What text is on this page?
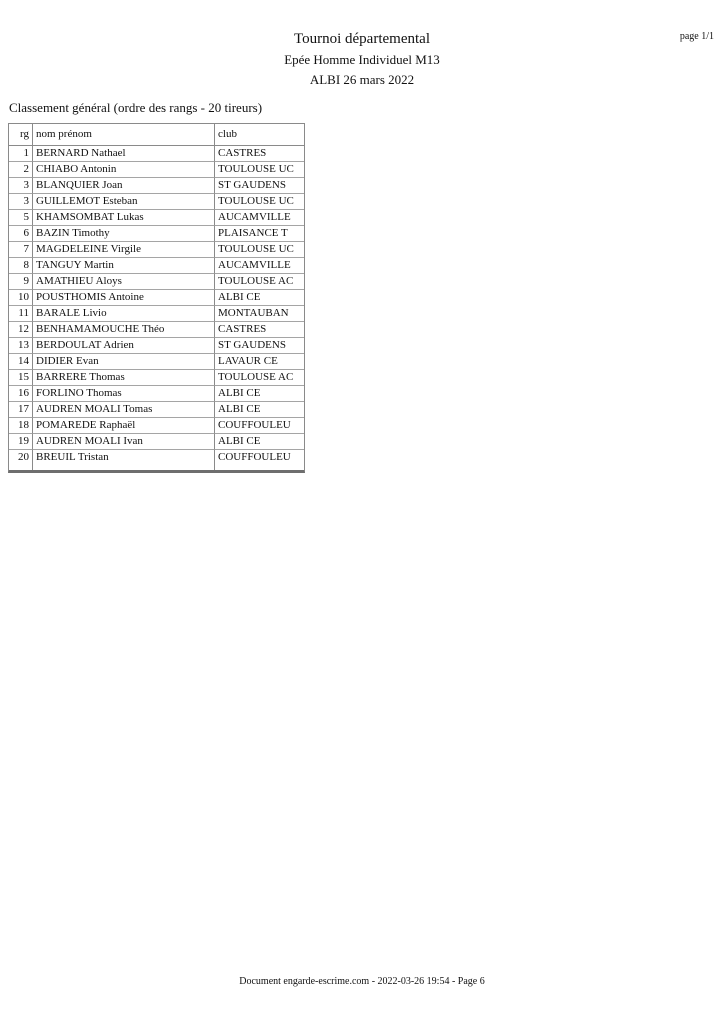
Tournoi départemental
Epée Homme Individuel M13
ALBI 26 mars 2022
page 1/1
Classement général (ordre des rangs - 20 tireurs)
rg	nom prénom	club
1	BERNARD Nathael	CASTRES
2	CHIABO Antonin	TOULOUSE UC
3	BLANQUIER Joan	ST GAUDENS
3	GUILLEMOT Esteban	TOULOUSE UC
5	KHAMSOMBAT Lukas	AUCAMVILLE
6	BAZIN Timothy	PLAISANCE T
7	MAGDELEINE Virgile	TOULOUSE UC
8	TANGUY Martin	AUCAMVILLE
9	AMATHIEU Aloys	TOULOUSE AC
10	POUSTHOMIS Antoine	ALBI CE
11	BARALE Livio	MONTAUBAN
12	BENHAMAMOUCHE Théo	CASTRES
13	BERDOULAT Adrien	ST GAUDENS
14	DIDIER Evan	LAVAUR CE
15	BARRERE Thomas	TOULOUSE AC
16	FORLINO Thomas	ALBI CE
17	AUDREN MOALI Tomas	ALBI CE
18	POMAREDE Raphaël	COUFFOULEU
19	AUDREN MOALI Ivan	ALBI CE
20	BREUIL Tristan	COUFFOULEU
Document engarde-escrime.com - 2022-03-26 19:54 - Page 6
